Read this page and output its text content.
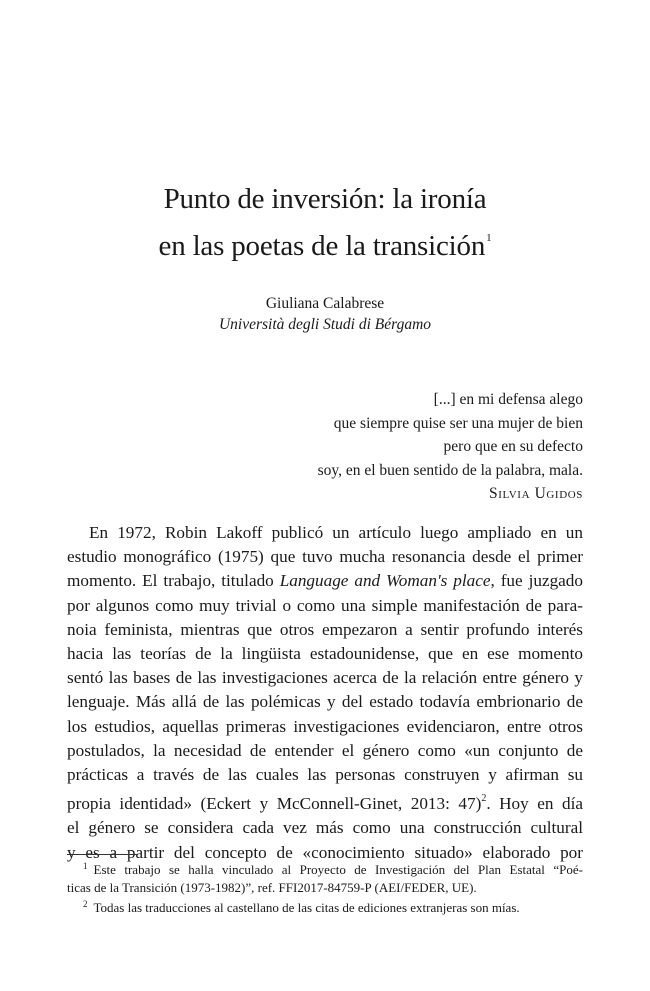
Punto de inversión: la ironía
en las poetas de la transición$^1$
Giuliana Calabrese
Università degli Studi di Bérgamo
[...] en mi defensa alego
que siempre quise ser una mujer de bien
pero que en su defecto
soy, en el buen sentido de la palabra, mala.
Silvia Ugidos
En 1972, Robin Lakoff publicó un artículo luego ampliado en un
estudio monográfico (1975) que tuvo mucha resonancia desde el primer
momento. El trabajo, titulado Language and Woman's place, fue juzgado
por algunos como muy trivial o como una simple manifestación de para-
noia feminista, mientras que otros empezaron a sentir profundo interés
hacia las teorías de la lingüista estadounidense, que en ese momento
sentó las bases de las investigaciones acerca de la relación entre género y
lenguaje. Más allá de las polémicas y del estado todavía embrionario de
los estudios, aquellas primeras investigaciones evidenciaron, entre otros
postulados, la necesidad de entender el género como «un conjunto de
prácticas a través de las cuales las personas construyen y afirman su
propia identidad» (Eckert y McConnell-Ginet, 2013: 47)$^2$. Hoy en día
el género se considera cada vez más como una construcción cultural
y es a partir del concepto de «conocimiento situado» elaborado por
$^1$ Este trabajo se halla vinculado al Proyecto de Investigación del Plan Estatal “Poé-
ticas de la Transición (1973-1982)”, ref. FFI2017-84759-P (AEI/FEDER, UE).
$^2$ Todas las traducciones al castellano de las citas de ediciones extranjeras son mías.
